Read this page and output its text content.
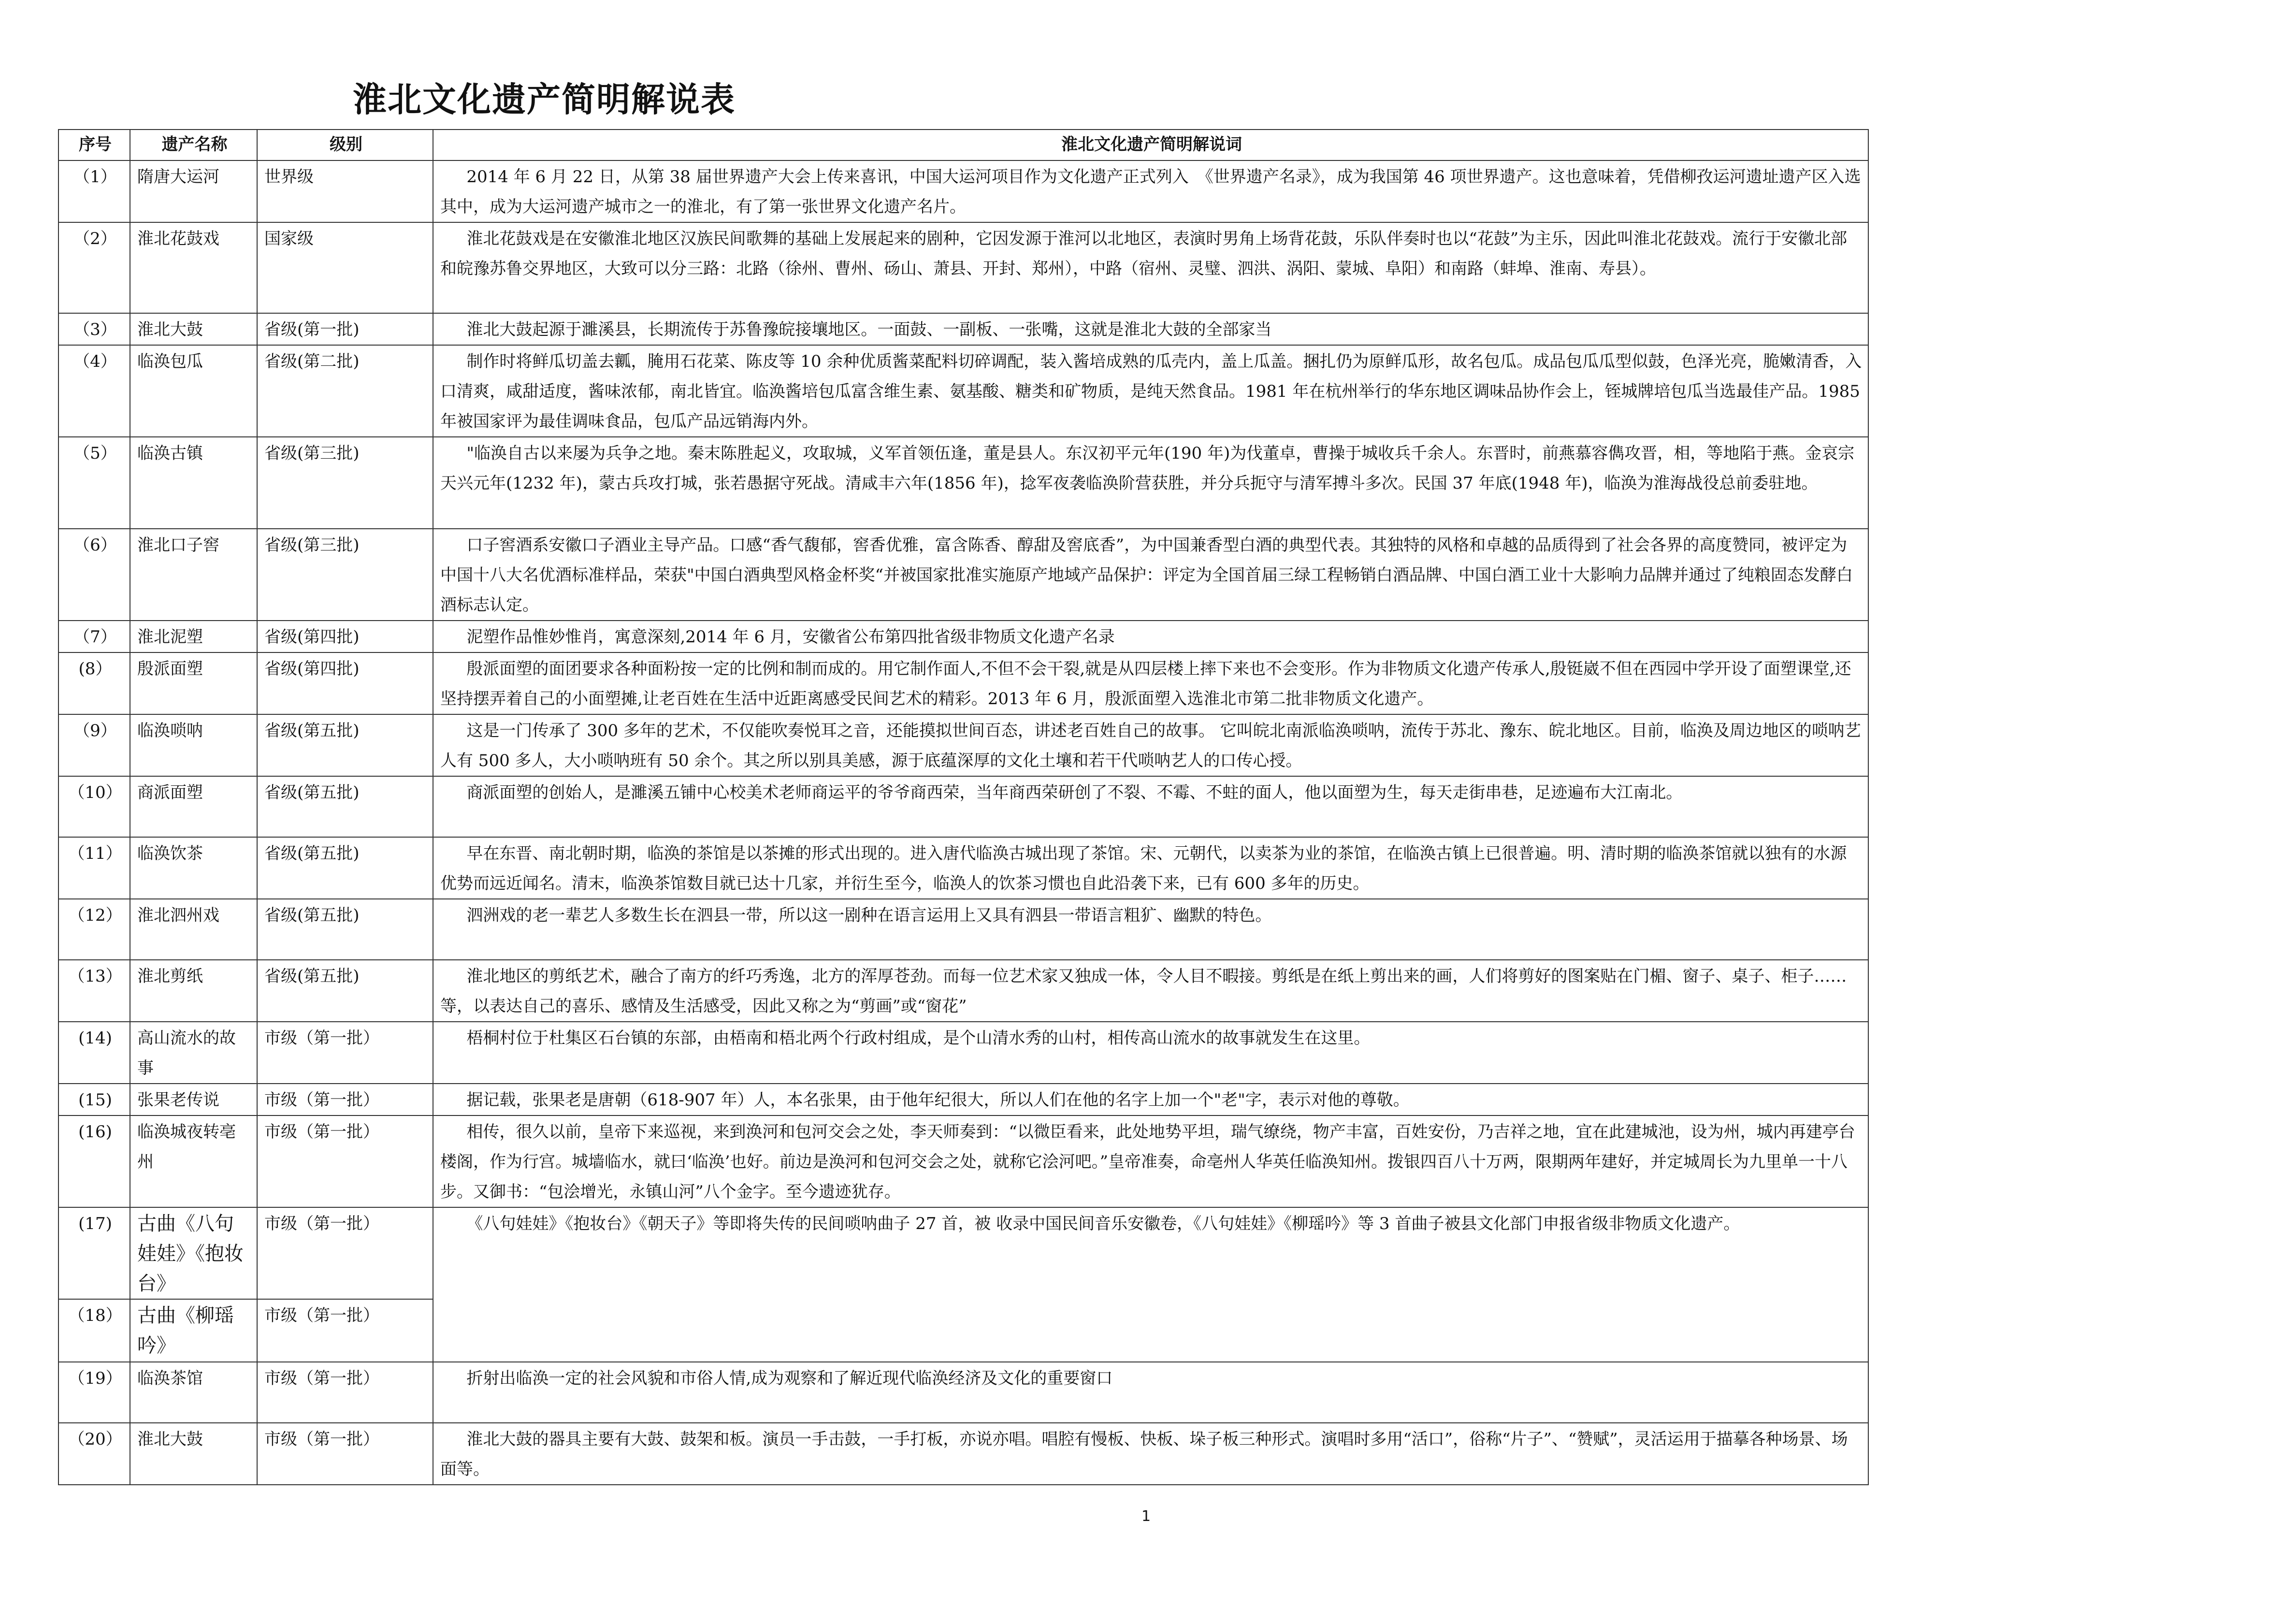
淮北文化遗产简明解说表
序号	遗产名称	级别	淮北文化遗产简明解说词
（1）	隋唐大运河	世界级	2014 年 6 月 22 日，从第 38 届世界遗产大会上传来喜讯，中国大运河项目作为文化遗产正式列入　《世界遗产名录》，成为我国第 46 项世界遗产。这也意味着，凭借柳孜运河遗址遗产区入选其中，成为大运河遗产城市之一的淮北，有了第一张世界文化遗产名片。
（2）	淮北花鼓戏	国家级	淮北花鼓戏是在安徽淮北地区汉族民间歌舞的基础上发展起来的剧种，它因发源于淮河以北地区，表演时男角上场背花鼓，乐队伴奏时也以“花鼓”为主乐，因此叫淮北花鼓戏。流行于安徽北部和皖豫苏鲁交界地区，大致可以分三路：北路（徐州、曹州、砀山、萧县、开封、郑州），中路（宿州、灵璧、泗洪、涡阳、蒙城、阜阳）和南路（蚌埠、淮南、寿县）。
（3）	淮北大鼓	省级(第一批)	淮北大鼓起源于濉溪县，长期流传于苏鲁豫皖接壤地区。一面鼓、一副板、一张嘴，这就是淮北大鼓的全部家当
（4）	临涣包瓜	省级(第二批)	制作时将鲜瓜切盖去瓤，腌用石花菜、陈皮等 10 余种优质酱菜配料切碎调配，装入酱培成熟的瓜壳内，盖上瓜盖。捆扎仍为原鲜瓜形，故名包瓜。成品包瓜瓜型似鼓，色泽光亮，脆嫩清香，入口清爽，咸甜适度，酱味浓郁，南北皆宜。临涣酱培包瓜富含维生素、氨基酸、糖类和矿物质，是纯天然食品。1981 年在杭州举行的华东地区调味品协作会上，铚城牌培包瓜当选最佳产品。1985 年被国家评为最佳调味食品，包瓜产品远销海内外。
（5）	临涣古镇	省级(第三批)	"临涣自古以来屡为兵争之地。秦末陈胜起义，攻取城，义军首领伍逢，董是县人。东汉初平元年(190 年)为伐董卓，曹操于城收兵千余人。东晋时，前燕慕容儁攻晋，相，等地陷于燕。金哀宗天兴元年(1232 年)，蒙古兵攻打城，张若愚据守死战。清咸丰六年(1856 年)，捻军夜袭临涣阶营获胜，并分兵扼守与清军搏斗多次。民国 37 年底(1948 年)，临涣为淮海战役总前委驻地。
（6）	淮北口子窖	省级(第三批)	口子窖酒系安徽口子酒业主导产品。口感“香气馥郁，窖香优雅，富含陈香、醇甜及窖底香”，为中国兼香型白酒的典型代表。其独特的风格和卓越的品质得到了社会各界的高度赞同，被评定为中国十八大名优酒标准样品，荣获"中国白酒典型风格金杯奖“并被国家批准实施原产地域产品保护：评定为全国首届三绿工程畅销白酒品牌、中国白酒工业十大影响力品牌并通过了纯粮固态发酵白酒标志认定。
（7）	淮北泥塑	省级(第四批)	泥塑作品惟妙惟肖，寓意深刻,2014 年 6 月，安徽省公布第四批省级非物质文化遗产名录
(8）	殷派面塑	省级(第四批)	殷派面塑的面团要求各种面粉按一定的比例和制而成的。用它制作面人,不但不会干裂,就是从四层楼上摔下来也不会变形。作为非物质文化遗产传承人,殷铤崴不但在西园中学开设了面塑课堂,还坚持摆弄着自己的小面塑摊,让老百姓在生活中近距离感受民间艺术的精彩。2013 年 6 月，殷派面塑入选淮北市第二批非物质文化遗产。
（9）	临涣唢呐	省级(第五批)	这是一门传承了 300 多年的艺术，不仅能吹奏悦耳之音，还能摸拟世间百态，讲述老百姓自己的故事。 它叫皖北南派临涣唢呐，流传于苏北、豫东、皖北地区。目前，临涣及周边地区的唢呐艺人有 500 多人，大小唢呐班有 50 余个。其之所以别具美感，源于底蕴深厚的文化土壤和若干代唢呐艺人的口传心授。
（10）	商派面塑	省级(第五批)	商派面塑的创始人，是濉溪五铺中心校美术老师商运平的爷爷商西荣，当年商西荣研创了不裂、不霉、不蛀的面人，他以面塑为生，每天走街串巷，足迹遍布大江南北。
（11）	临涣饮茶	省级(第五批)	早在东晋、南北朝时期，临涣的茶馆是以茶摊的形式出现的。进入唐代临涣古城出现了茶馆。宋、元朝代，以卖茶为业的茶馆，在临涣古镇上已很普遍。明、清时期的临涣茶馆就以独有的水源优势而远近闻名。清末，临涣茶馆数目就已达十几家，并衍生至今，临涣人的饮茶习惯也自此沿袭下来，已有 600 多年的历史。
（12）	淮北泗州戏	省级(第五批)	泗洲戏的老一辈艺人多数生长在泗县一带，所以这一剧种在语言运用上又具有泗县一带语言粗犷、幽默的特色。
（13）	淮北剪纸	省级(第五批)	淮北地区的剪纸艺术，融合了南方的纤巧秀逸，北方的浑厚苍劲。而每一位艺术家又独成一体，令人目不暇接。剪纸是在纸上剪出来的画，人们将剪好的图案贴在门楣、窗子、桌子、柜子……等，以表达自己的喜乐、感情及生活感受，因此又称之为“剪画”或“窗花”
(14)	高山流水的故事	市级（第一批）	梧桐村位于杜集区石台镇的东部，由梧南和梧北两个行政村组成，是个山清水秀的山村，相传高山流水的故事就发生在这里。
(15)	张果老传说	市级（第一批）	据记载，张果老是唐朝（618-907 年）人，本名张果，由于他年纪很大，所以人们在他的名字上加一个"老"字，表示对他的尊敬。
(16)	临涣城夜转亳州	市级（第一批）	相传，很久以前，皇帝下来巡视，来到涣河和包河交会之处，李天师奏到：“以微臣看来，此处地势平坦，瑞气缭绕，物产丰富，百姓安份，乃吉祥之地，宜在此建城池，设为州，城内再建亭台楼阁，作为行宫。城墙临水，就曰‘临涣’也好。前边是涣河和包河交会之处，就称它浍河吧。”皇帝准奏，命亳州人华英任临涣知州。拨银四百八十万两，限期两年建好，并定城周长为九里单一十八步。又御书：“包浍增光，永镇山河”八个金字。至今遗迹犹存。
(17)	古曲《八句娃娃》《抱妆台》	市级（第一批）	《八句娃娃》《抱妆台》《朝天子》等即将失传的民间唢呐曲子 27 首，被 收录中国民间音乐安徽卷，《八句娃娃》《柳瑶吟》等 3 首曲子被县文化部门申报省级非物质文化遗产。
（18）	古曲《柳瑶吟》	市级（第一批）	
（19）	临涣茶馆	市级（第一批）	折射出临涣一定的社会风貌和市俗人情,成为观察和了解近现代临涣经济及文化的重要窗口
（20）	淮北大鼓	市级（第一批）	淮北大鼓的器具主要有大鼓、鼓架和板。演员一手击鼓，一手打板，亦说亦唱。唱腔有慢板、快板、垛子板三种形式。演唱时多用“活口”，俗称“片子”、“赞赋”，灵活运用于描摹各种场景、场面等。
1
